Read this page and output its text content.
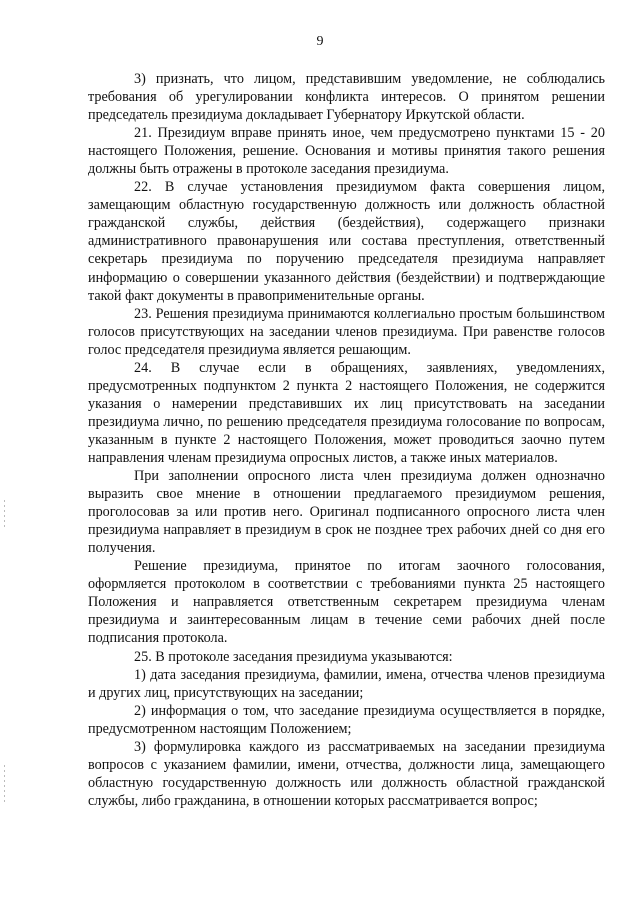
9

3) признать, что лицом, представившим уведомление, не соблюдались требования об урегулировании конфликта интересов. О принятом решении председатель президиума докладывает Губернатору Иркутской области.

21. Президиум вправе принять иное, чем предусмотрено пунктами 15 - 20 настоящего Положения, решение. Основания и мотивы принятия такого решения должны быть отражены в протоколе заседания президиума.

22. В случае установления президиумом факта совершения лицом, замещающим областную государственную должность или должность областной гражданской службы, действия (бездействия), содержащего признаки административного правонарушения или состава преступления, ответственный секретарь президиума по поручению председателя президиума направляет информацию о совершении указанного действия (бездействии) и подтверждающие такой факт документы в правоприменительные органы.

23. Решения президиума принимаются коллегиально простым большинством голосов присутствующих на заседании членов президиума. При равенстве голосов голос председателя президиума является решающим.

24. В случае если в обращениях, заявлениях, уведомлениях, предусмотренных подпунктом 2 пункта 2 настоящего Положения, не содержится указания о намерении представивших их лиц присутствовать на заседании президиума лично, по решению председателя президиума голосование по вопросам, указанным в пункте 2 настоящего Положения, может проводиться заочно путем направления членам президиума опросных листов, а также иных материалов.

При заполнении опросного листа член президиума должен однозначно выразить свое мнение в отношении предлагаемого президиумом решения, проголосовав за или против него. Оригинал подписанного опросного листа член президиума направляет в президиум в срок не позднее трех рабочих дней со дня его получения.

Решение президиума, принятое по итогам заочного голосования, оформляется протоколом в соответствии с требованиями пункта 25 настоящего Положения и направляется ответственным секретарем президиума членам президиума и заинтересованным лицам в течение семи рабочих дней после подписания протокола.

25. В протоколе заседания президиума указываются:

1) дата заседания президиума, фамилии, имена, отчества членов президиума и других лиц, присутствующих на заседании;

2) информация о том, что заседание президиума осуществляется в порядке, предусмотренном настоящим Положением;

3) формулировка каждого из рассматриваемых на заседании президиума вопросов с указанием фамилии, имени, отчества, должности лица, замещающего областную государственную должность или должность областной гражданской службы, либо гражданина, в отношении которых рассматривается вопрос;
